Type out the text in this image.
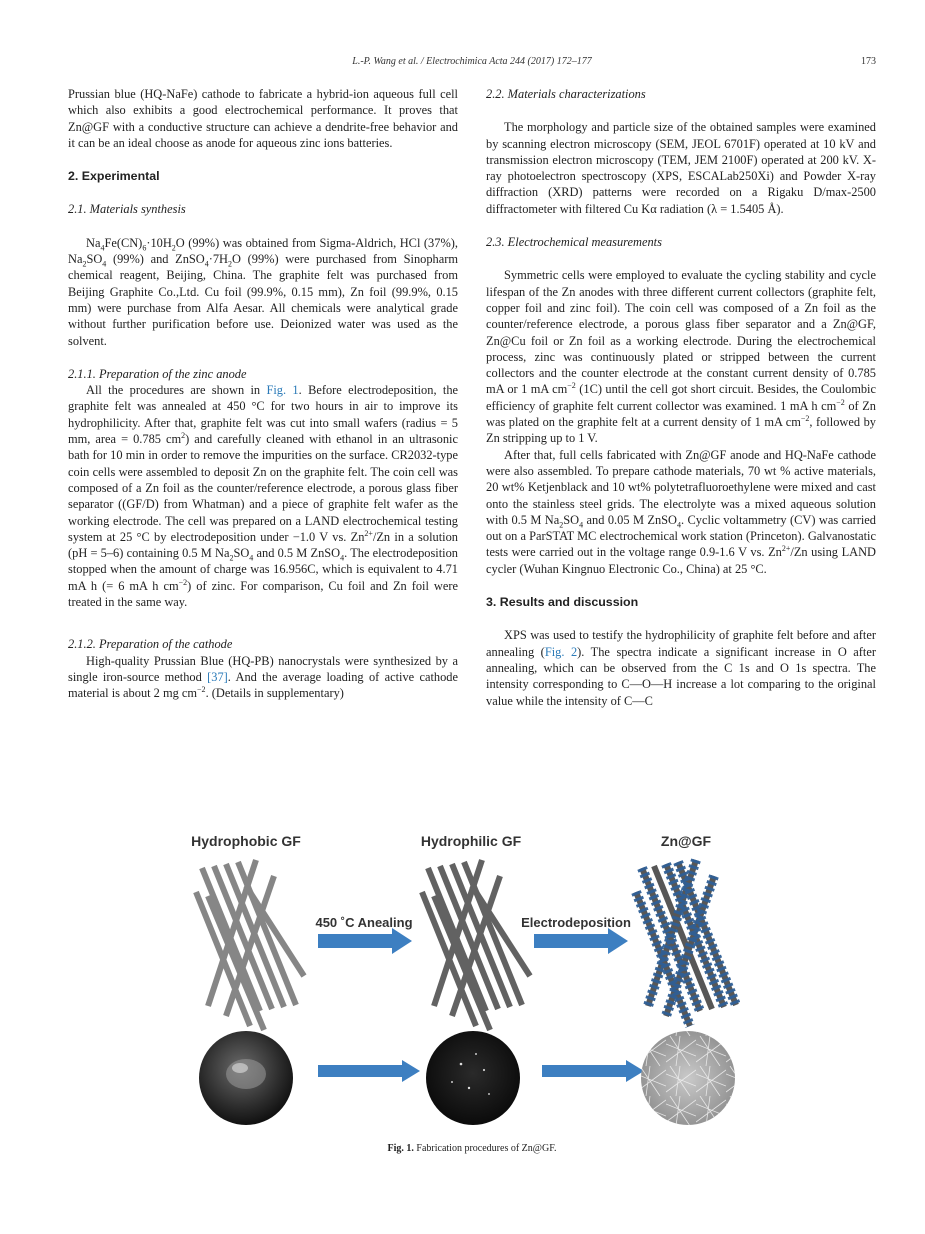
L.-P. Wang et al. / Electrochimica Acta 244 (2017) 172–177	173

Prussian blue (HQ-NaFe) cathode to fabricate a hybrid-ion aqueous full cell which also exhibits a good electrochemical performance. It proves that Zn@GF with a conductive structure can achieve a dendrite-free behavior and it can be an ideal choose as anode for aqueous zinc ions batteries.

2. Experimental

2.1. Materials synthesis

$Na_4Fe(CN)_6\cdot 10H_2O$ (99%) was obtained from Sigma-Aldrich, HCl (37%), $Na_2SO_4$ (99%) and $ZnSO_4\cdot 7H_2O$ (99%) were purchased from Sinopharm chemical reagent, Beijing, China. The graphite felt was purchased from Beijing Graphite Co.,Ltd. Cu foil (99.9%, 0.15 mm), Zn foil (99.9%, 0.15 mm) were purchase from Alfa Aesar. All chemicals were analytical grade without further purification before use. Deionized water was used as the solvent.

2.1.1. Preparation of the zinc anode

All the procedures are shown in Fig. 1. Before electrodeposition, the graphite felt was annealed at 450 °C for two hours in air to improve its hydrophilicity. After that, graphite felt was cut into small wafers (radius = 5 mm, area = 0.785 $cm^2$) and carefully cleaned with ethanol in an ultrasonic bath for 10 min in order to remove the impurities on the surface. CR2032-type coin cells were assembled to deposit Zn on the graphite felt. The coin cell was composed of a Zn foil as the counter/reference electrode, a porous glass fiber separator ((GF/D) from Whatman) and a piece of graphite felt wafer as the working electrode. The cell was prepared on a LAND electrochemical testing system at 25 °C by electrodeposition under −1.0 V vs. $Zn^{2+}/Zn$ in a solution (pH = 5–6) containing 0.5 M $Na_2SO_4$ and 0.5 M ZnSO$_4$. The electrodeposition stopped when the amount of charge was 16.956C, which is equivalent to 4.71 mA h (= 6 mA h $cm^{-2}$) of zinc. For comparison, Cu foil and Zn foil were treated in the same way.

2.1.2. Preparation of the cathode

High-quality Prussian Blue (HQ-PB) nanocrystals were synthesized by a single iron-source method [37]. And the average loading of active cathode material is about 2 mg $cm^{-2}$. (Details in supplementary)

2.2. Materials characterizations

The morphology and particle size of the obtained samples were examined by scanning electron microscopy (SEM, JEOL 6701F) operated at 10 kV and transmission electron microscopy (TEM, JEM 2100F) operated at 200 kV. X-ray photoelectron spectroscopy (XPS, ESCALab250Xi) and Powder X-ray diffraction (XRD) patterns were recorded on a Rigaku D/max-2500 diffractometer with filtered Cu Kα radiation (λ = 1.5405 Å).

2.3. Electrochemical measurements

Symmetric cells were employed to evaluate the cycling stability and cycle lifespan of the Zn anodes with three different current collectors (graphite felt, copper foil and zinc foil). The coin cell was composed of a Zn foil as the counter/reference electrode, a porous glass fiber separator and a Zn@GF, Zn@Cu foil or Zn foil as a working electrode. During the electrochemical process, zinc was continuously plated or stripped between the current collectors and the counter electrode at the constant current density of 0.785 mA or 1 mA $cm^{-2}$ (1C) until the cell got short circuit. Besides, the Coulombic efficiency of graphite felt current collector was examined. 1 mA h $cm^{-2}$ of Zn was plated on the graphite felt at a current density of 1 mA $cm^{-2}$, followed by Zn stripping up to 1 V.

After that, full cells fabricated with Zn@GF anode and HQ-NaFe cathode were also assembled. To prepare cathode materials, 70 wt % active materials, 20 wt% Ketjenblack and 10 wt% polytetrafluoroethylene were mixed and cast onto the stainless steel grids. The electrolyte was a mixed aqueous solution with 0.5 M $Na_2SO_4$ and 0.05 M ZnSO$_4$. Cyclic voltammetry (CV) was carried out on a ParSTAT MC electrochemical work station (Princeton). Galvanostatic tests were carried out in the voltage range 0.9-1.6 V vs. $Zn^{2+}/Zn$ using LAND cycler (Wuhan Kingnuo Electronic Co., China) at 25 °C.

3. Results and discussion

XPS was used to testify the hydrophilicity of graphite felt before and after annealing (Fig. 2). The spectra indicate a significant increase in O after annealing, which can be observed from the C 1s and O 1s spectra. The intensity corresponding to C—O—H increase a lot comparing to the original value while the intensity of C—C

Hydrophobic GF	Hydrophilic GF	Zn@GF
450 ˚C Anealing	Electrodeposition
Fig. 1. Fabrication procedures of Zn@GF.
